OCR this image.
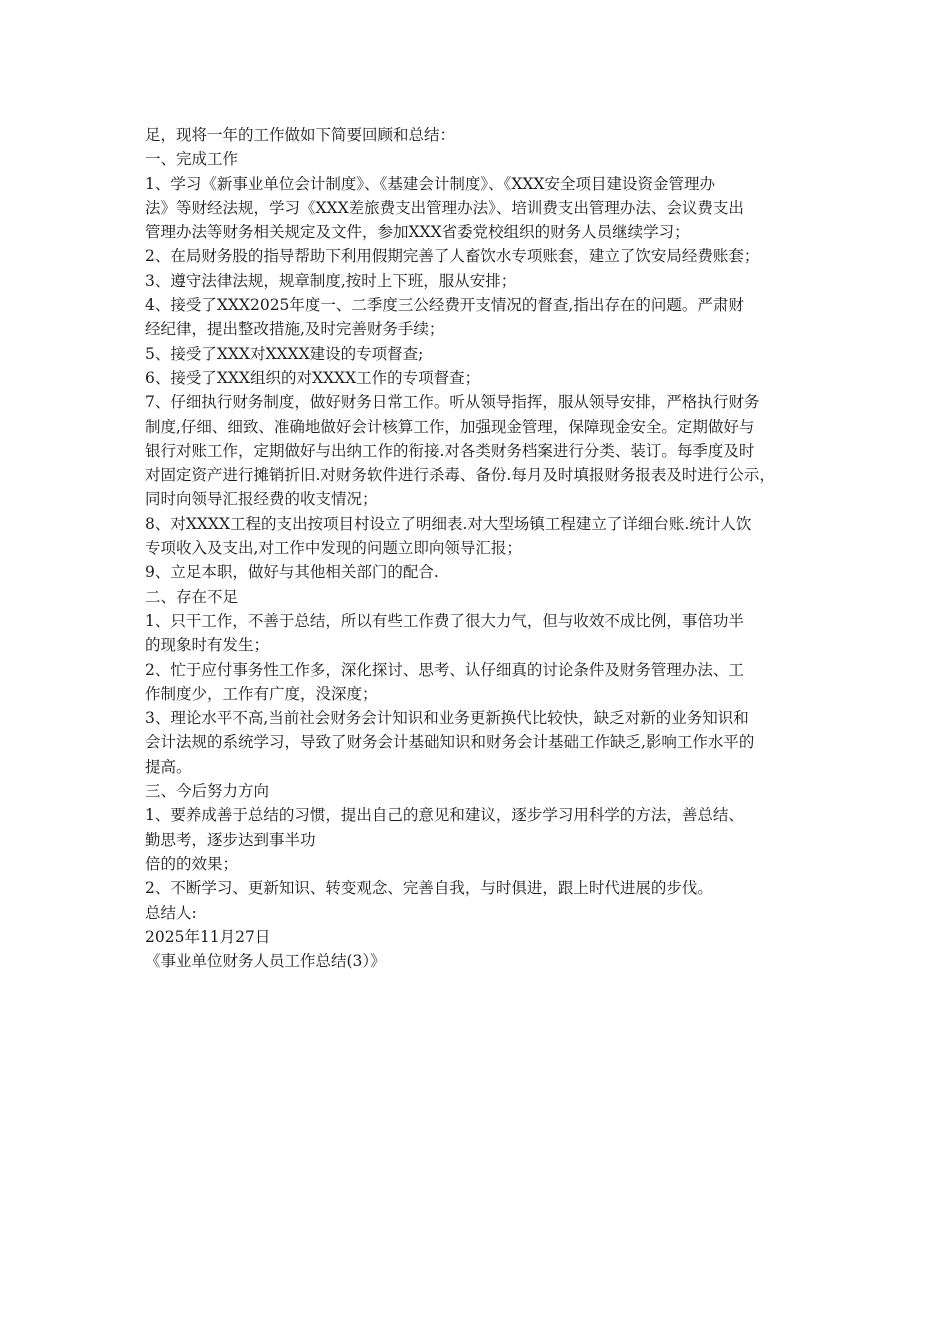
足，现将一年的工作做如下简要回顾和总结：
一、完成工作
1、学习《新事业单位会计制度》、《基建会计制度》、《XXX安全项目建设资金管理办
法》等财经法规，学习《XXX差旅费支出管理办法》、培训费支出管理办法、会议费支出
管理办法等财务相关规定及文件，参加XXX省委党校组织的财务人员继续学习；
2、在局财务股的指导帮助下利用假期完善了人畜饮水专项账套，建立了饮安局经费账套；
3、遵守法律法规，规章制度,按时上下班，服从安排；
4、接受了XXX2025年度一、二季度三公经费开支情况的督查,指出存在的问题。严肃财
经纪律，提出整改措施,及时完善财务手续；
5、接受了XXX对XXXX建设的专项督查;
6、接受了XXX组织的对XXXX工作的专项督查；
7、仔细执行财务制度，做好财务日常工作。听从领导指挥，服从领导安排，严格执行财务
制度,仔细、细致、准确地做好会计核算工作，加强现金管理，保障现金安全。定期做好与
银行对账工作，定期做好与出纳工作的衔接.对各类财务档案进行分类、装订。每季度及时
对固定资产进行摊销折旧.对财务软件进行杀毒、备份.每月及时填报财务报表及时进行公示，
同时向领导汇报经费的收支情况；
8、对XXXX工程的支出按项目村设立了明细表.对大型场镇工程建立了详细台账.统计人饮
专项收入及支出,对工作中发现的问题立即向领导汇报；
9、立足本职，做好与其他相关部门的配合.
二、存在不足
1、只干工作，不善于总结，所以有些工作费了很大力气，但与收效不成比例，事倍功半
的现象时有发生；
2、忙于应付事务性工作多，深化探讨、思考、认仔细真的讨论条件及财务管理办法、工
作制度少，工作有广度，没深度；
3、理论水平不高,当前社会财务会计知识和业务更新换代比较快，缺乏对新的业务知识和
会计法规的系统学习，导致了财务会计基础知识和财务会计基础工作缺乏,影响工作水平的
提高。
三、今后努力方向
1、要养成善于总结的习惯，提出自己的意见和建议，逐步学习用科学的方法，善总结、
勤思考，逐步达到事半功
倍的的效果；
2、不断学习、更新知识、转变观念、完善自我，与时俱进，跟上时代进展的步伐。
总结人:
2025年11月27日
《事业单位财务人员工作总结(3）》
